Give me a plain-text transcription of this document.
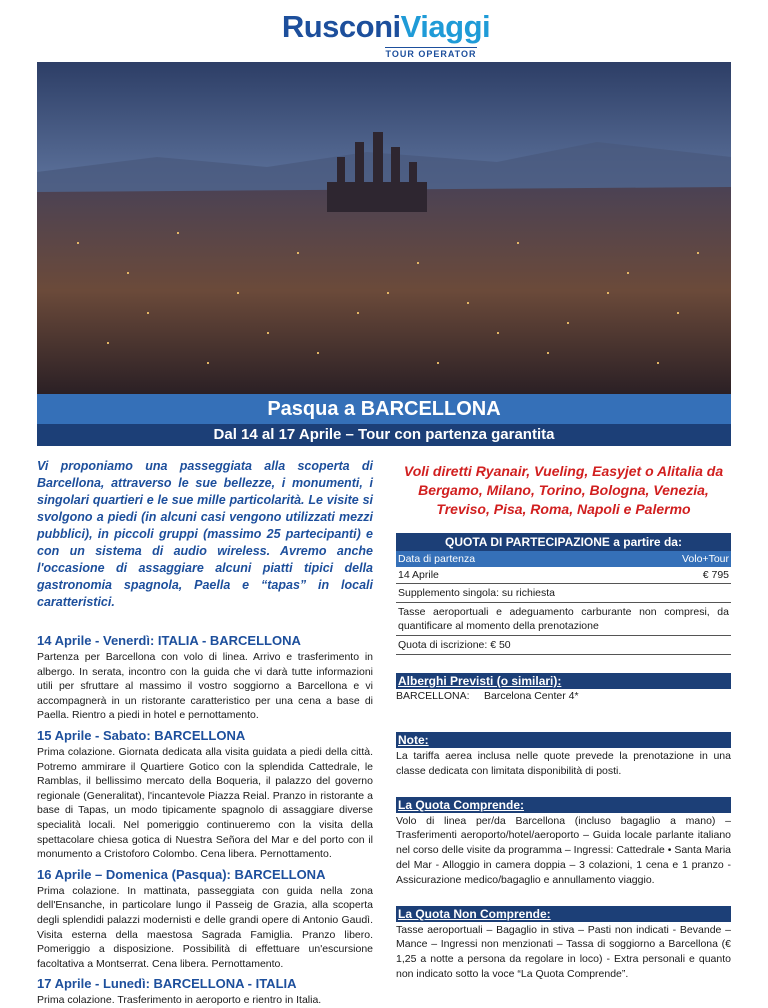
RusconiViaggi
TOUR OPERATOR
Pasqua a BARCELLONA
Dal 14 al 17 Aprile – Tour con partenza garantita

Vi proponiamo una passeggiata alla scoperta di Barcellona, attraverso le sue bellezze, i monumenti, i singolari quartieri e le sue mille particolarità. Le visite si svolgono a piedi (in alcuni casi vengono utilizzati mezzi pubblici), in piccoli gruppi (massimo 25 partecipanti) e con un sistema di audio wireless. Avremo anche l'occasione di assaggiare alcuni piatti tipici della gastronomia spagnola, Paella e “tapas” in locali caratteristici.

14 Aprile - Venerdì: ITALIA - BARCELLONA

Partenza per Barcellona con volo di linea. Arrivo e trasferimento in albergo. In serata, incontro con la guida che vi darà tutte informazioni utili per sfruttare al massimo il vostro soggiorno a Barcellona e vi accompagnerà in un ristorante caratteristico per una cena a base di Paella. Rientro a piedi in hotel e pernottamento.

15 Aprile - Sabato: BARCELLONA

Prima colazione. Giornata dedicata alla visita guidata a piedi della città. Potremo ammirare il Quartiere Gotico con la splendida Cattedrale, le Ramblas, il bellissimo mercato della Boqueria, il palazzo del governo regionale (Generalitat), l'incantevole Piazza Reial. Pranzo in ristorante a base di Tapas, un modo tipicamente spagnolo di assaggiare diverse specialità locali. Nel pomeriggio continueremo con la visita della spettacolare chiesa gotica di Nuestra Señora del Mar e del porto con il monumento a Cristoforo Colombo. Cena libera. Pernottamento.

16 Aprile – Domenica (Pasqua): BARCELLONA

Prima colazione. In mattinata, passeggiata con guida nella zona dell'Ensanche, in particolare lungo il Passeig de Grazia, alla scoperta degli splendidi palazzi modernisti e delle grandi opere di Antonio Gaudì. Visita esterna della maestosa Sagrada Famiglia. Pranzo libero. Pomeriggio a disposizione. Possibilità di effettuare un'escursione facoltativa a Montserrat. Cena libera. Pernottamento.

17 Aprile - Lunedì: BARCELLONA - ITALIA

Prima colazione. Trasferimento in aeroporto e rientro in Italia.

Voli diretti Ryanair, Vueling, Easyjet o Alitalia da Bergamo, Milano, Torino, Bologna, Venezia, Treviso, Pisa, Roma, Napoli e Palermo

QUOTA DI PARTECIPAZIONE a partire da:
Data di partenza	Volo+Tour
14 Aprile	€ 795
Supplemento singola: su richiesta
Tasse aeroportuali e adeguamento carburante non compresi, da quantificare al momento della prenotazione
Quota di iscrizione: € 50
Alberghi Previsti (o similari):
BARCELLONA:	Barcelona Center 4*
Note:

La tariffa aerea inclusa nelle quote prevede la prenotazione in una classe dedicata con limitata disponibilità di posti.

La Quota Comprende:

Volo di linea per/da Barcellona (incluso bagaglio a mano) – Trasferimenti aeroporto/hotel/aeroporto – Guida locale parlante italiano nel corso delle visite da programma – Ingressi: Cattedrale • Santa Maria del Mar - Alloggio in camera doppia – 3 colazioni, 1 cena e 1 pranzo - Assicurazione medico/bagaglio e annullamento viaggio.

La Quota Non Comprende:

Tasse aeroportuali – Bagaglio in stiva – Pasti non indicati - Bevande – Mance – Ingressi non menzionati – Tassa di soggiorno a Barcellona (€ 1,25 a notte a persona da regolare in loco) - Extra personali e quanto non indicato sotto la voce “La Quota Comprende”.
